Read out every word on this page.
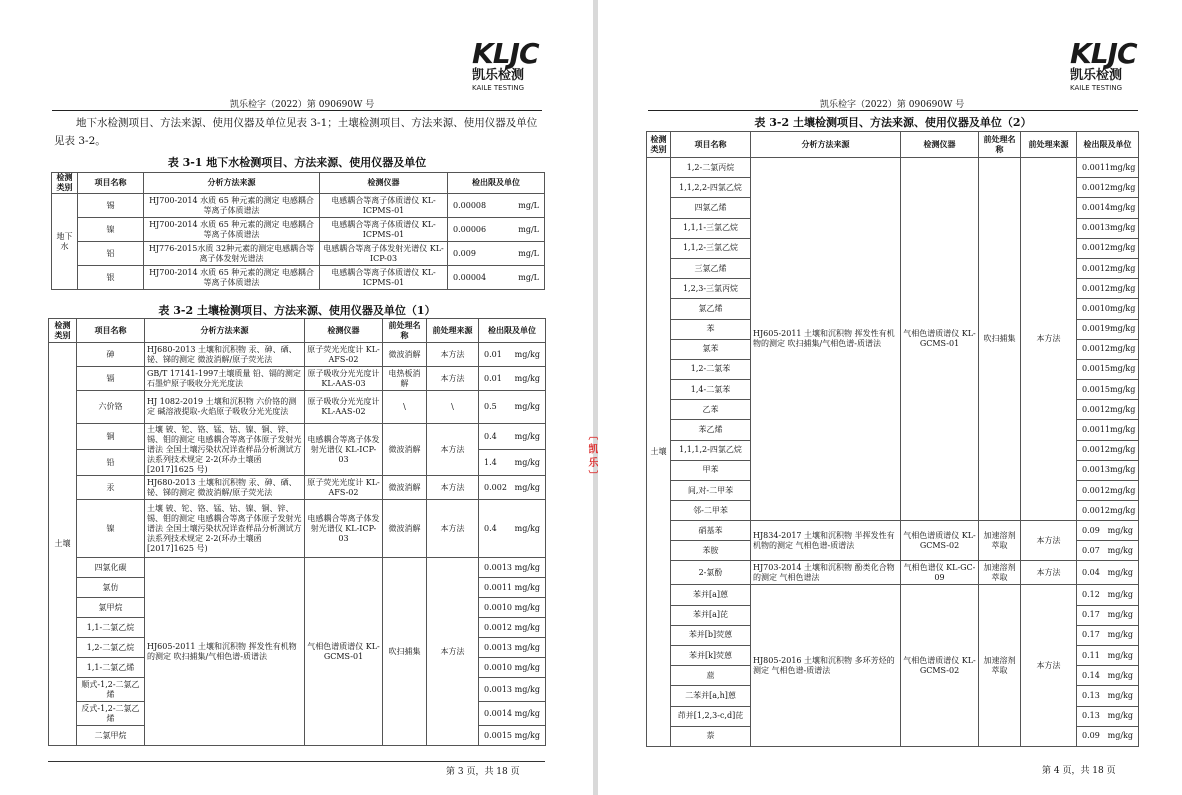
KLJC
凯乐检测
KAILE TESTING
凯乐检字（2022）第 090690W 号
地下水检测项目、方法来源、使用仪器及单位见表 3-1；土壤检测项目、方法来源、使用仪器及单位见表 3-2。
表 3-1 地下水检测项目、方法来源、使用仪器及单位
检测类别	项目名称	分析方法来源	检测仪器	检出限及单位
地下水	锡	HJ700-2014 水质 65 种元素的测定 电感耦合等离子体质谱法	电感耦合等离子体质谱仪 KL-ICPMS-01	0.00008 mg/L

	镍	HJ700-2014 水质 65 种元素的测定 电感耦合等离子体质谱法	电感耦合等离子体质谱仪 KL-ICPMS-01	0.00006 mg/L

	铝	HJ776-2015水质 32种元素的测定电感耦合等离子体发射光谱法	电感耦合等离子体发射光谱仪 KL-ICP-03	0.009 mg/L

	银	HJ700-2014 水质 65 种元素的测定 电感耦合等离子体质谱法	电感耦合等离子体质谱仪 KL-ICPMS-01	0.00004 mg/L
表 3-2 土壤检测项目、方法来源、使用仪器及单位（1）
检测类别	项目名称	分析方法来源	检测仪器	前处理名称	前处理来源	检出限及单位
土壤	砷	HJ680-2013 土壤和沉积物 汞、砷、硒、铋、锑的测定 微波消解/原子荧光法	原子荧光光度计 KL-AFS-02	微波消解	本方法	0.01 mg/kg

	镉	GB/T 17141-1997土壤质量 铅、镉的测定 石墨炉原子吸收分光光度法	原子吸收分光光度计KL-AAS-03	电热板消解	本方法	0.01 mg/kg

	六价铬	HJ 1082-2019 土壤和沉积物 六价铬的测定 碱溶液提取-火焰原子吸收分光光度法	原子吸收分光光度计 KL-AAS-02	\	\	0.5 mg/kg

	铜	土壤 铍、铊、铬、锰、钴、镍、铜、锌、锡、钼的测定 电感耦合等离子体原子发射光谱法 全国土壤污染状况详查样品分析测试方法系列技术规定 2-2(环办土壤函[2017]1625 号)	电感耦合等离子体发射光谱仪 KL-ICP-03	微波消解	本方法	0.4 mg/kg

	铅					1.4 mg/kg

	汞	HJ680-2013 土壤和沉积物 汞、砷、硒、铋、锑的测定 微波消解/原子荧光法	原子荧光光度计 KL-AFS-02	微波消解	本方法	0.002 mg/kg

	镍	土壤 铍、铊、铬、锰、钴、镍、铜、锌、锡、钼的测定 电感耦合等离子体原子发射光谱法 全国土壤污染状况详查样品分析测试方法系列技术规定 2-2(环办土壤函[2017]1625 号)	电感耦合等离子体发射光谱仪 KL-ICP-03	微波消解	本方法	0.4 mg/kg

	四氯化碳	HJ605-2011 土壤和沉积物 挥发性有机物的测定 吹扫捕集/气相色谱-质谱法	气相色谱质谱仪 KL-GCMS-01	吹扫捕集	本方法	0.0013 mg/kg

	氯仿					0.0011 mg/kg

	氯甲烷					0.0010 mg/kg

	1,1-二氯乙烷					0.0012 mg/kg

	1,2-二氯乙烷					0.0013 mg/kg

	1,1-二氯乙烯					0.0010 mg/kg

	顺式-1,2-二氯乙烯					0.0013 mg/kg

	反式-1,2-二氯乙烯					0.0014 mg/kg

	二氯甲烷					0.0015 mg/kg
第 3 页，共 18 页
〔 凯 乐 〕
KLJC
凯乐检测
KAILE TESTING
凯乐检字（2022）第 090690W 号
表 3-2 土壤检测项目、方法来源、使用仪器及单位（2）
检测类别	项目名称	分析方法来源	检测仪器	前处理名称	前处理来源	检出限及单位
土壤	1,2-二氯丙烷	HJ605-2011 土壤和沉积物 挥发性有机物的测定 吹扫捕集/气相色谱-质谱法	气相色谱质谱仪 KL-GCMS-01	吹扫捕集	本方法	0.0011 mg/kg

	1,1,2,2-四氯乙烷					0.0012 mg/kg

	四氯乙烯					0.0014 mg/kg

	1,1,1-三氯乙烷					0.0013 mg/kg

	1,1,2-三氯乙烷					0.0012 mg/kg

	三氯乙烯					0.0012 mg/kg

	1,2,3-三氯丙烷					0.0012 mg/kg

	氯乙烯					0.0010 mg/kg

	苯					0.0019 mg/kg

	氯苯					0.0012 mg/kg

	1,2-二氯苯					0.0015 mg/kg

	1,4-二氯苯					0.0015 mg/kg

	乙苯					0.0012 mg/kg

	苯乙烯					0.0011 mg/kg

	1,1,1,2-四氯乙烷					0.0012 mg/kg

	甲苯					0.0013 mg/kg

	间,对-二甲苯					0.0012 mg/kg

	邻-二甲苯					0.0012 mg/kg

	硝基苯	HJ834-2017 土壤和沉积物 半挥发性有机物的测定 气相色谱-质谱法	气相色谱质谱仪 KL-GCMS-02	加速溶剂萃取	本方法	0.09 mg/kg

	苯胺					0.07 mg/kg

	2-氯酚	HJ703-2014 土壤和沉积物 酚类化合物的测定 气相色谱法	气相色谱仪 KL-GC-09	加速溶剂萃取	本方法	0.04 mg/kg

	苯并[a]蒽	HJ805-2016 土壤和沉积物 多环芳烃的测定 气相色谱-质谱法	气相色谱质谱仪 KL-GCMS-02	加速溶剂萃取	本方法	0.12 mg/kg

	苯并[a]芘					0.17 mg/kg

	苯并[b]荧蒽					0.17 mg/kg

	苯并[k]荧蒽					0.11 mg/kg

	䓛					0.14 mg/kg

	二苯并[a,h]蒽					0.13 mg/kg

	茚并[1,2,3-c,d]芘					0.13 mg/kg

	萘					0.09 mg/kg
第 4 页，共 18 页
